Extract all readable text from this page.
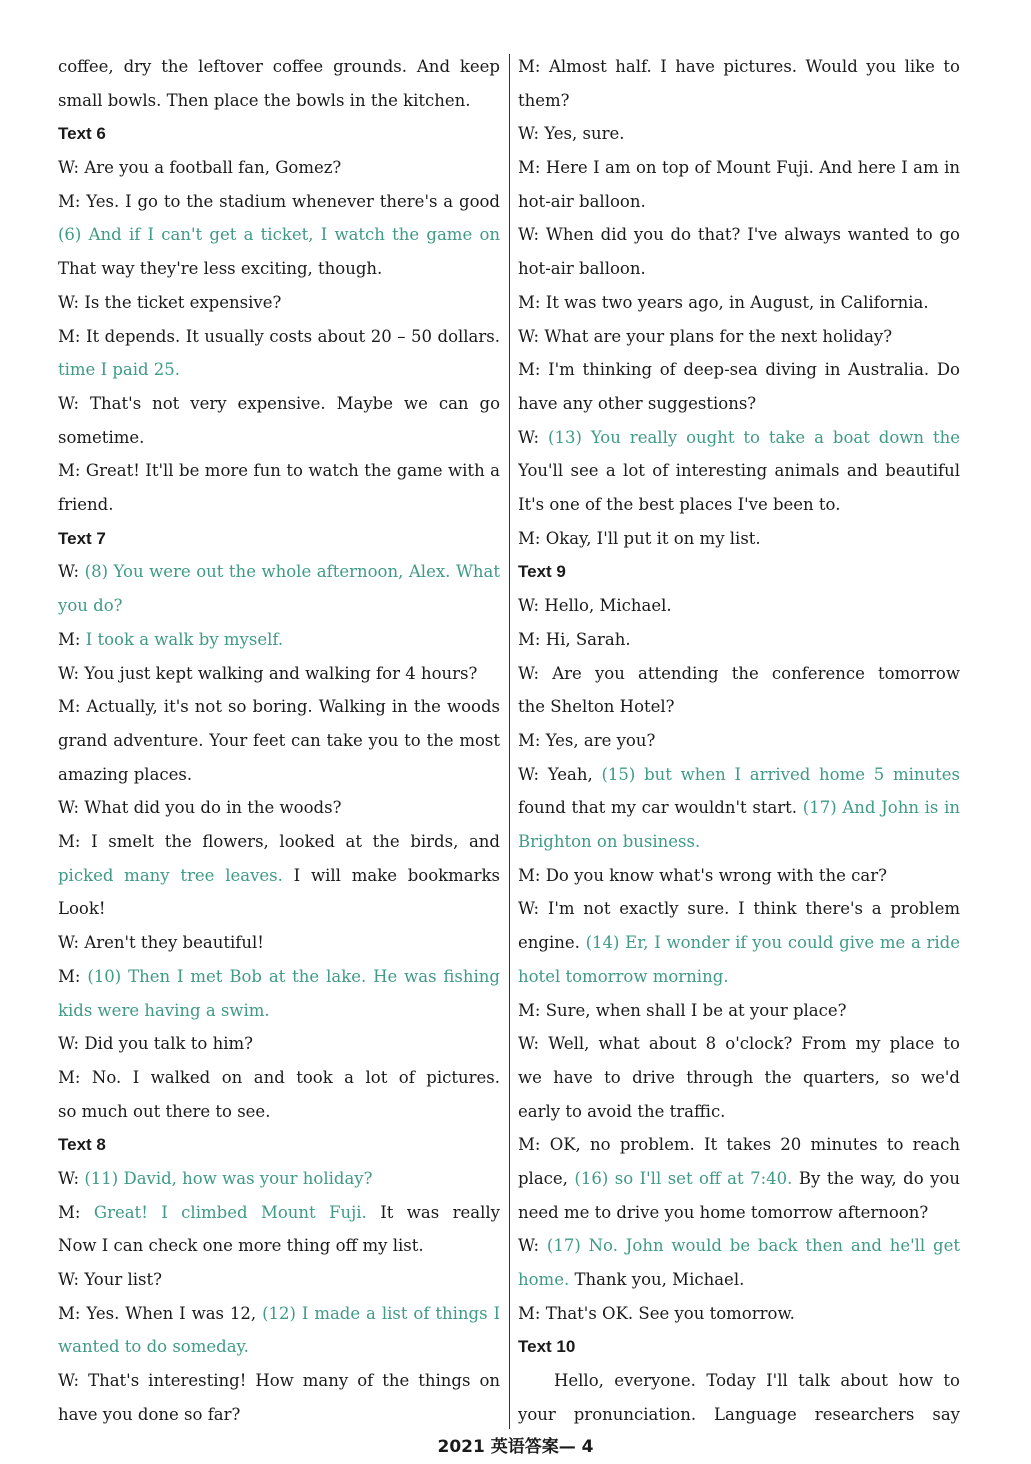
coffee, dry the leftover coffee grounds. And keep
small bowls. Then place the bowls in the kitchen.
Text 6
W: Are you a football fan, Gomez?
M: Yes. I go to the stadium whenever there's a good
(6) And if I can't get a ticket, I watch the game on
That way they're less exciting, though.
W: Is the ticket expensive?
M: It depends. It usually costs about 20 – 50 dollars.
time I paid 25.
W: That's not very expensive. Maybe we can go
sometime.
M: Great! It'll be more fun to watch the game with a
friend.
Text 7
W: (8) You were out the whole afternoon, Alex. What
you do?
M: I took a walk by myself.
W: You just kept walking and walking for 4 hours?
M: Actually, it's not so boring. Walking in the woods
grand adventure. Your feet can take you to the most
amazing places.
W: What did you do in the woods?
M: I smelt the flowers, looked at the birds, and
picked many tree leaves. I will make bookmarks
Look!
W: Aren't they beautiful!
M: (10) Then I met Bob at the lake. He was fishing
kids were having a swim.
W: Did you talk to him?
M: No. I walked on and took a lot of pictures.
so much out there to see.
Text 8
W: (11) David, how was your holiday?
M: Great! I climbed Mount Fuji. It was really
Now I can check one more thing off my list.
W: Your list?
M: Yes. When I was 12, (12) I made a list of things I
wanted to do someday.
W: That's interesting! How many of the things on
have you done so far?
M: Almost half. I have pictures. Would you like to
them?
W: Yes, sure.
M: Here I am on top of Mount Fuji. And here I am in
hot-air balloon.
W: When did you do that? I've always wanted to go
hot-air balloon.
M: It was two years ago, in August, in California.
W: What are your plans for the next holiday?
M: I'm thinking of deep-sea diving in Australia. Do
have any other suggestions?
W: (13) You really ought to take a boat down the
You'll see a lot of interesting animals and beautiful
It's one of the best places I've been to.
M: Okay, I'll put it on my list.
Text 9
W: Hello, Michael.
M: Hi, Sarah.
W: Are you attending the conference tomorrow
the Shelton Hotel?
M: Yes, are you?
W: Yeah, (15) but when I arrived home 5 minutes
found that my car wouldn't start. (17) And John is in
Brighton on business.
M: Do you know what's wrong with the car?
W: I'm not exactly sure. I think there's a problem
engine. (14) Er, I wonder if you could give me a ride
hotel tomorrow morning.
M: Sure, when shall I be at your place?
W: Well, what about 8 o'clock? From my place to
we have to drive through the quarters, so we'd
early to avoid the traffic.
M: OK, no problem. It takes 20 minutes to reach
place, (16) so I'll set off at 7:40. By the way, do you
need me to drive you home tomorrow afternoon?
W: (17) No. John would be back then and he'll get
home. Thank you, Michael.
M: That's OK. See you tomorrow.
Text 10
Hello, everyone. Today I'll talk about how to
your pronunciation. Language researchers say
2021 英语答案— 4
